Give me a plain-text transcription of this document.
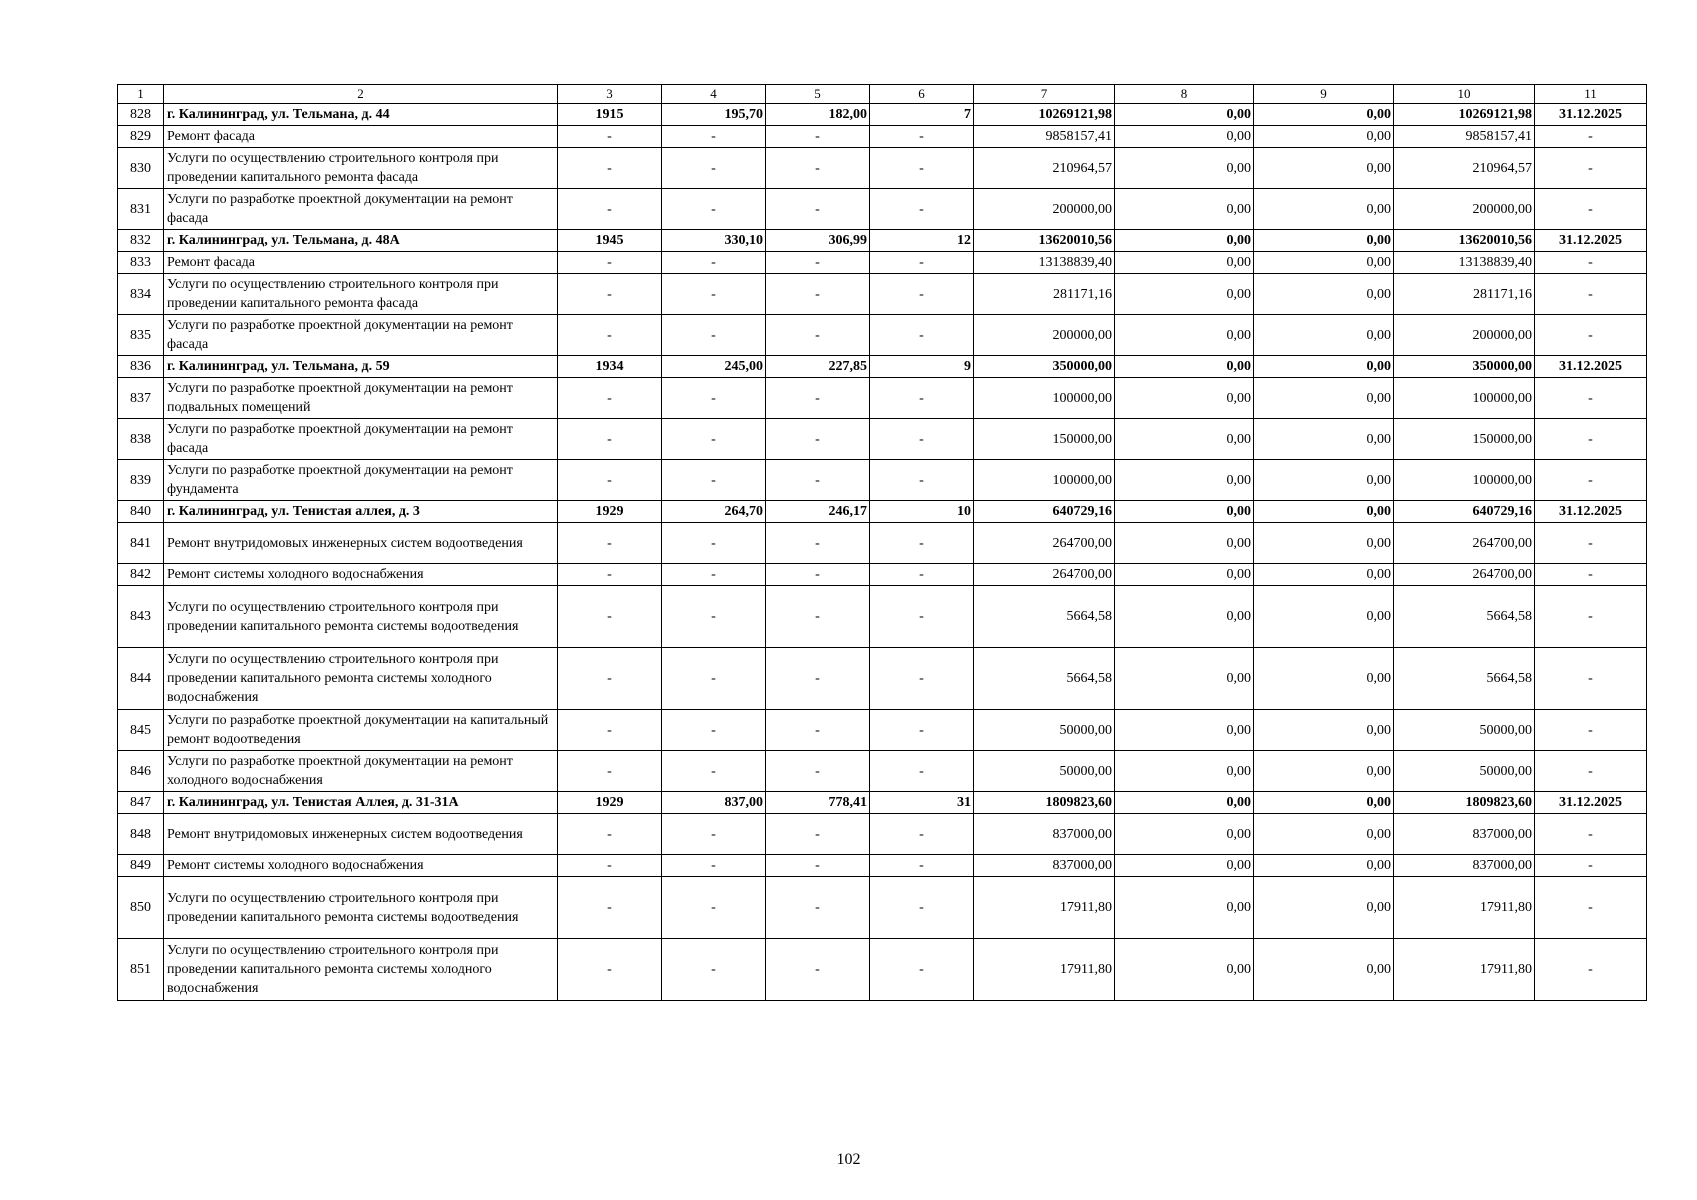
1	2	3	4	5	6	7	8	9	10	11
828	г. Калининград, ул. Тельмана, д. 44	1915	195,70	182,00	7	10269121,98	0,00	0,00	10269121,98	31.12.2025
829	Ремонт фасада	-	-	-	-	9858157,41	0,00	0,00	9858157,41	-
830	Услуги по осуществлению строительного контроля при проведении капитального ремонта фасада	-	-	-	-	210964,57	0,00	0,00	210964,57	-
831	Услуги по разработке проектной документации на ремонт фасада	-	-	-	-	200000,00	0,00	0,00	200000,00	-
832	г. Калининград, ул. Тельмана, д. 48А	1945	330,10	306,99	12	13620010,56	0,00	0,00	13620010,56	31.12.2025
833	Ремонт фасада	-	-	-	-	13138839,40	0,00	0,00	13138839,40	-
834	Услуги по осуществлению строительного контроля при проведении капитального ремонта фасада	-	-	-	-	281171,16	0,00	0,00	281171,16	-
835	Услуги по разработке проектной документации на ремонт фасада	-	-	-	-	200000,00	0,00	0,00	200000,00	-
836	г. Калининград, ул. Тельмана, д. 59	1934	245,00	227,85	9	350000,00	0,00	0,00	350000,00	31.12.2025
837	Услуги по разработке проектной документации на ремонт подвальных помещений	-	-	-	-	100000,00	0,00	0,00	100000,00	-
838	Услуги по разработке проектной документации на ремонт фасада	-	-	-	-	150000,00	0,00	0,00	150000,00	-
839	Услуги по разработке проектной документации на ремонт фундамента	-	-	-	-	100000,00	0,00	0,00	100000,00	-
840	г. Калининград, ул. Тенистая аллея, д. 3	1929	264,70	246,17	10	640729,16	0,00	0,00	640729,16	31.12.2025
841	Ремонт внутридомовых инженерных систем водоотведения	-	-	-	-	264700,00	0,00	0,00	264700,00	-
842	Ремонт системы холодного водоснабжения	-	-	-	-	264700,00	0,00	0,00	264700,00	-
843	Услуги по осуществлению строительного контроля при проведении капитального ремонта системы водоотведения	-	-	-	-	5664,58	0,00	0,00	5664,58	-
844	Услуги по осуществлению строительного контроля при проведении капитального ремонта системы холодного водоснабжения	-	-	-	-	5664,58	0,00	0,00	5664,58	-
845	Услуги по разработке проектной документации на капитальный ремонт водоотведения	-	-	-	-	50000,00	0,00	0,00	50000,00	-
846	Услуги по разработке проектной документации на ремонт холодного водоснабжения	-	-	-	-	50000,00	0,00	0,00	50000,00	-
847	г. Калининград, ул. Тенистая Аллея, д. 31-31А	1929	837,00	778,41	31	1809823,60	0,00	0,00	1809823,60	31.12.2025
848	Ремонт внутридомовых инженерных систем водоотведения	-	-	-	-	837000,00	0,00	0,00	837000,00	-
849	Ремонт системы холодного водоснабжения	-	-	-	-	837000,00	0,00	0,00	837000,00	-
850	Услуги по осуществлению строительного контроля при проведении капитального ремонта системы водоотведения	-	-	-	-	17911,80	0,00	0,00	17911,80	-
851	Услуги по осуществлению строительного контроля при проведении капитального ремонта системы холодного водоснабжения	-	-	-	-	17911,80	0,00	0,00	17911,80	-
102
